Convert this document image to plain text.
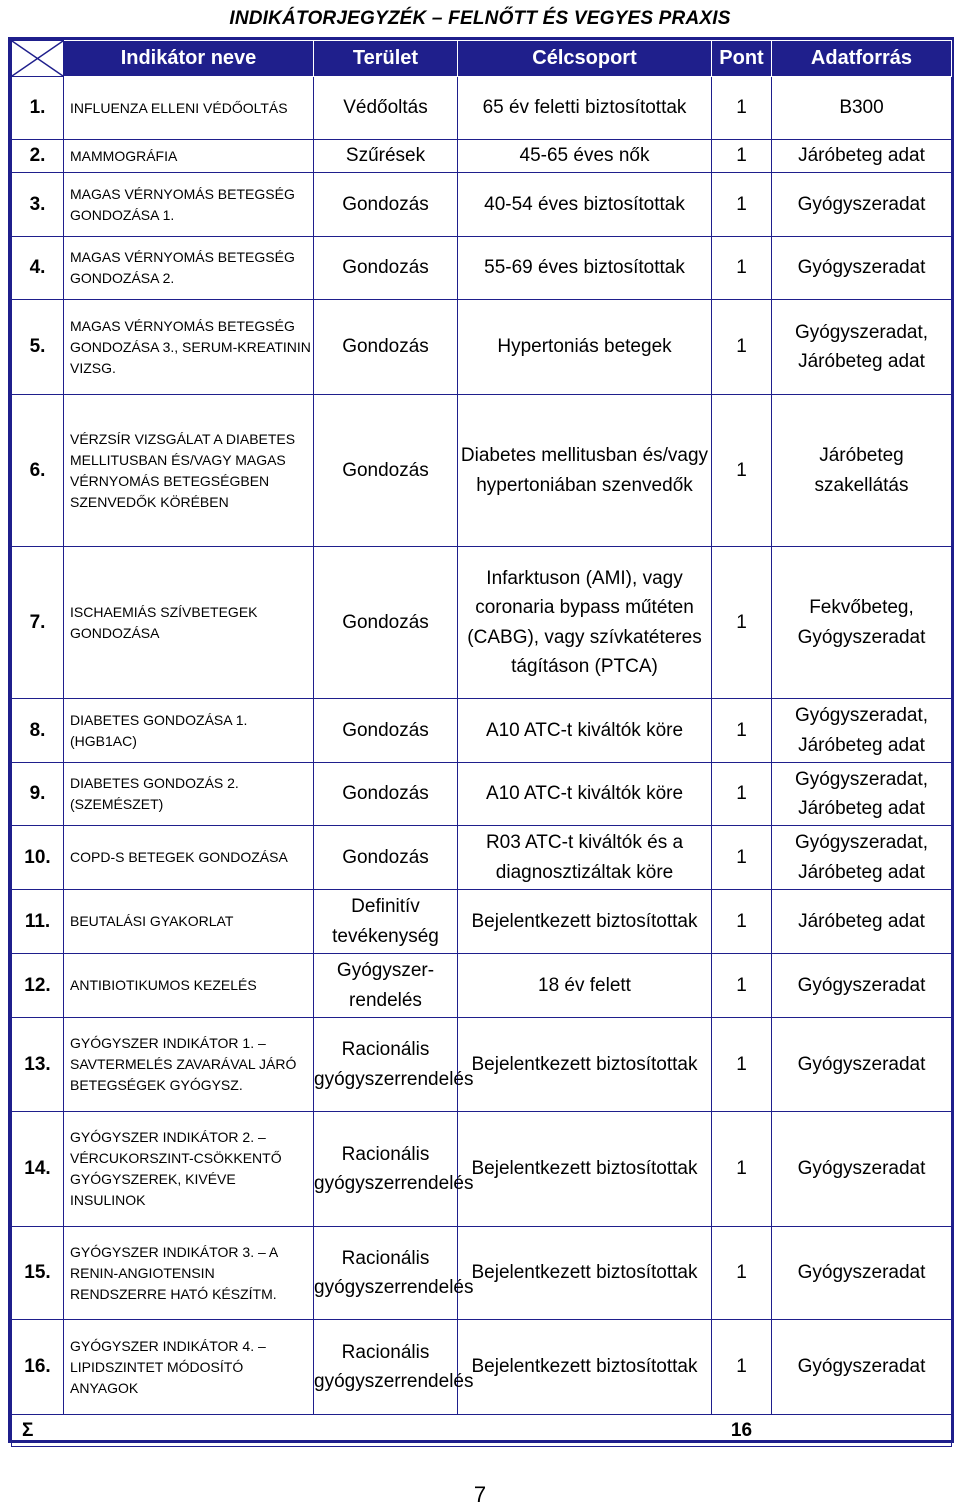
INDIKÁTORJEGYZÉK – FELNŐTT ÉS VEGYES PRAXIS
	Indikátor neve	Terület	Célcsoport	Pont	Adatforrás
1.	INFLUENZA ELLENI VÉDŐOLTÁS	Védőoltás	65 év feletti biztosítottak	1	B300
2.	MAMMOGRÁFIA	Szűrések	45-65 éves nők	1	Járóbeteg adat
3.	MAGAS VÉRNYOMÁS BETEGSÉG GONDOZÁSA 1.	Gondozás	40-54 éves biztosítottak	1	Gyógyszeradat
4.	MAGAS VÉRNYOMÁS BETEGSÉG GONDOZÁSA 2.	Gondozás	55-69 éves biztosítottak	1	Gyógyszeradat
5.	MAGAS VÉRNYOMÁS BETEGSÉG GONDOZÁSA 3., SERUM-KREATININ VIZSG.	Gondozás	Hypertoniás betegek	1	Gyógyszeradat, Járóbeteg adat
6.	VÉRZSÍR VIZSGÁLAT A DIABETES MELLITUSBAN ÉS/VAGY MAGAS VÉRNYOMÁS BETEGSÉGBEN SZENVEDŐK KÖRÉBEN	Gondozás	Diabetes mellitusban és/vagy hypertoniában szenvedők	1	Járóbeteg szakellátás
7.	ISCHAEMIÁS SZÍVBETEGEK GONDOZÁSA	Gondozás	Infarktuson (AMI), vagy coronaria bypass műtéten (CABG), vagy szívkatéteres tágításon (PTCA)	1	Fekvőbeteg, Gyógyszeradat
8.	DIABETES GONDOZÁSA 1. (HGB1AC)	Gondozás	A10 ATC-t kiváltók köre	1	Gyógyszeradat, Járóbeteg adat
9.	DIABETES GONDOZÁS 2. (SZEMÉSZET)	Gondozás	A10 ATC-t kiváltók köre	1	Gyógyszeradat, Járóbeteg adat
10.	COPD-S BETEGEK GONDOZÁSA	Gondozás	R03 ATC-t kiváltók és a diagnosztizáltak köre	1	Gyógyszeradat, Járóbeteg adat
11.	BEUTALÁSI GYAKORLAT	Definitív tevékenység	Bejelentkezett biztosítottak	1	Járóbeteg adat
12.	ANTIBIOTIKUMOS KEZELÉS	Gyógyszer-rendelés	18 év felett	1	Gyógyszeradat
13.	GYÓGYSZER INDIKÁTOR 1. – SAVTERMELÉS ZAVARÁVAL JÁRÓ BETEGSÉGEK GYÓGYSZ.	Racionális gyógyszerrendelés	Bejelentkezett biztosítottak	1	Gyógyszeradat
14.	GYÓGYSZER INDIKÁTOR 2. – VÉRCUKORSZINT-CSÖKKENTŐ GYÓGYSZEREK, KIVÉVE INSULINOK	Racionális gyógyszerrendelés	Bejelentkezett biztosítottak	1	Gyógyszeradat
15.	GYÓGYSZER INDIKÁTOR 3. – A RENIN-ANGIOTENSIN RENDSZERRE HATÓ KÉSZÍTM.	Racionális gyógyszerrendelés	Bejelentkezett biztosítottak	1	Gyógyszeradat
16.	GYÓGYSZER INDIKÁTOR 4. – LIPIDSZINTET MÓDOSÍTÓ ANYAGOK	Racionális gyógyszerrendelés	Bejelentkezett biztosítottak	1	Gyógyszeradat
Σ				16	
7
